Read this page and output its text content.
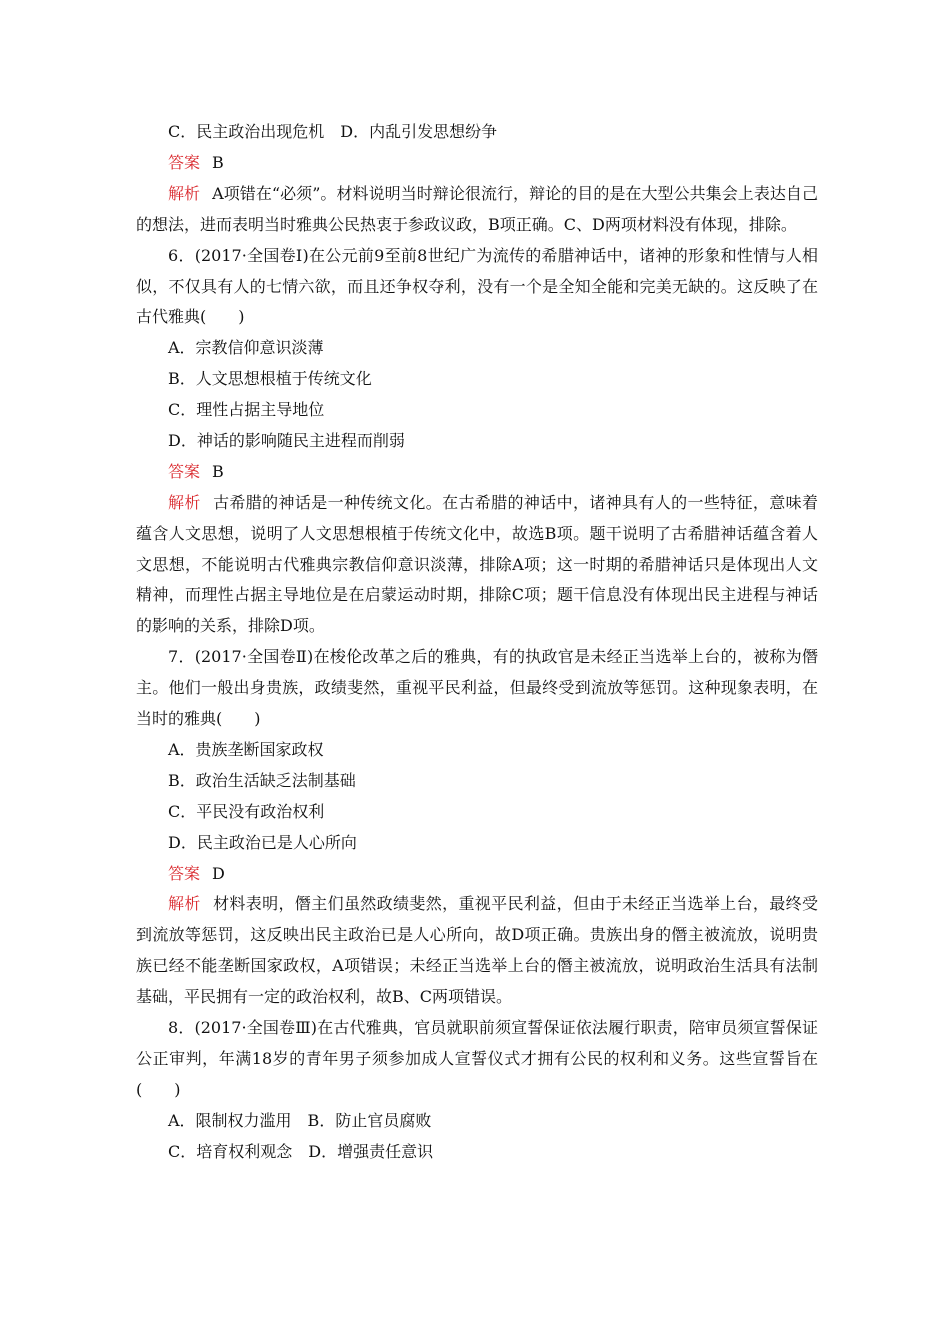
C．民主政治出现危机　D．内乱引发思想纷争
答案 B

解析 A项错在“必须”。材料说明当时辩论很流行，辩论的目的是在大型公共集会上表达自己的想法，进而表明当时雅典公民热衷于参政议政，B项正确。C、D两项材料没有体现，排除。

6．(2017·全国卷Ⅰ)在公元前9至前8世纪广为流传的希腊神话中，诸神的形象和性情与人相似，不仅具有人的七情六欲，而且还争权夺利，没有一个是全知全能和完美无缺的。这反映了在古代雅典(　　)

A．宗教信仰意识淡薄
B．人文思想根植于传统文化
C．理性占据主导地位
D．神话的影响随民主进程而削弱
答案 B

解析 古希腊的神话是一种传统文化。在古希腊的神话中，诸神具有人的一些特征，意味着蕴含人文思想，说明了人文思想根植于传统文化中，故选B项。题干说明了古希腊神话蕴含着人文思想，不能说明古代雅典宗教信仰意识淡薄，排除A项；这一时期的希腊神话只是体现出人文精神，而理性占据主导地位是在启蒙运动时期，排除C项；题干信息没有体现出民主进程与神话的影响的关系，排除D项。

7．(2017·全国卷Ⅱ)在梭伦改革之后的雅典，有的执政官是未经正当选举上台的，被称为僭主。他们一般出身贵族，政绩斐然，重视平民利益，但最终受到流放等惩罚。这种现象表明，在当时的雅典(　　)

A．贵族垄断国家政权
B．政治生活缺乏法制基础
C．平民没有政治权利
D．民主政治已是人心所向
答案 D

解析 材料表明，僭主们虽然政绩斐然，重视平民利益，但由于未经正当选举上台，最终受到流放等惩罚，这反映出民主政治已是人心所向，故D项正确。贵族出身的僭主被流放，说明贵族已经不能垄断国家政权，A项错误；未经正当选举上台的僭主被流放，说明政治生活具有法制基础，平民拥有一定的政治权利，故B、C两项错误。

8．(2017·全国卷Ⅲ)在古代雅典，官员就职前须宣誓保证依法履行职责，陪审员须宣誓保证公正审判，年满18岁的青年男子须参加成人宣誓仪式才拥有公民的权利和义务。这些宣誓旨在(　　)

A．限制权力滥用　B．防止官员腐败
C．培育权利观念　D．增强责任意识
